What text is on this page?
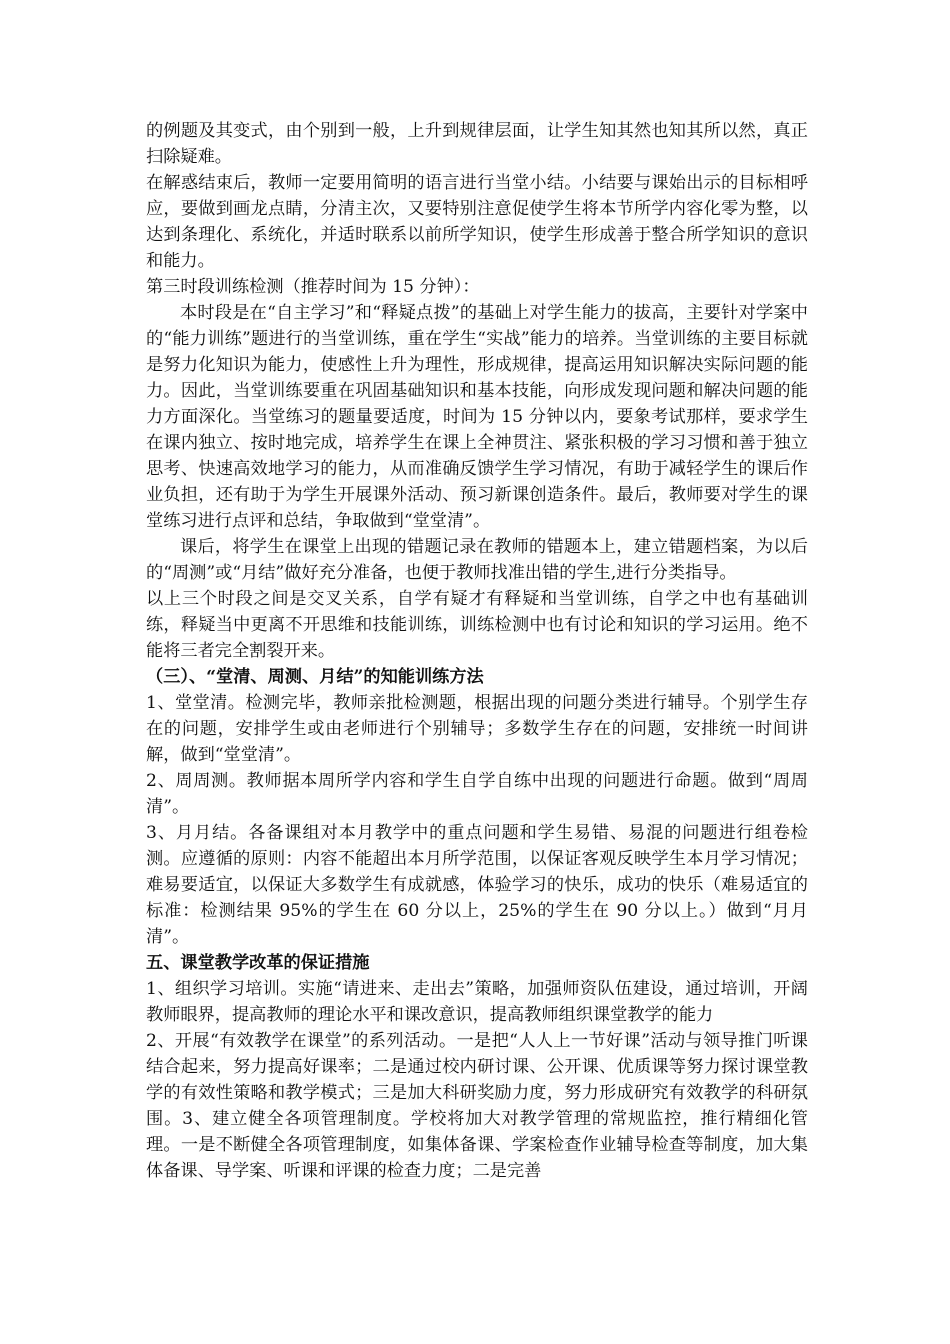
的例题及其变式，由个别到一般，上升到规律层面，让学生知其然也知其所以然，真正扫除疑难。

在解惑结束后，教师一定要用简明的语言进行当堂小结。小结要与课始出示的目标相呼应，要做到画龙点睛，分清主次，又要特别注意促使学生将本节所学内容化零为整，以达到条理化、系统化，并适时联系以前所学知识，使学生形成善于整合所学知识的意识和能力。

第三时段训练检测（推荐时间为 15 分钟）：

本时段是在“自主学习”和“释疑点拨”的基础上对学生能力的拔高，主要针对学案中的“能力训练”题进行的当堂训练，重在学生“实战”能力的培养。当堂训练的主要目标就是努力化知识为能力，使感性上升为理性，形成规律，提高运用知识解决实际问题的能力。因此，当堂训练要重在巩固基础知识和基本技能，向形成发现问题和解决问题的能力方面深化。当堂练习的题量要适度，时间为 15 分钟以内，要象考试那样，要求学生在课内独立、按时地完成，培养学生在课上全神贯注、紧张积极的学习习惯和善于独立思考、快速高效地学习的能力，从而准确反馈学生学习情况，有助于减轻学生的课后作业负担，还有助于为学生开展课外活动、预习新课创造条件。最后，教师要对学生的课堂练习进行点评和总结，争取做到“堂堂清”。

课后，将学生在课堂上出现的错题记录在教师的错题本上，建立错题档案，为以后的“周测”或“月结”做好充分准备，也便于教师找准出错的学生,进行分类指导。

以上三个时段之间是交叉关系，自学有疑才有释疑和当堂训练，自学之中也有基础训练，释疑当中更离不开思维和技能训练，训练检测中也有讨论和知识的学习运用。绝不能将三者完全割裂开来。

（三）、“堂清、周测、月结”的知能训练方法

1、堂堂清。检测完毕，教师亲批检测题，根据出现的问题分类进行辅导。个别学生存在的问题，安排学生或由老师进行个别辅导；多数学生存在的问题，安排统一时间讲解，做到“堂堂清”。

2、周周测。教师据本周所学内容和学生自学自练中出现的问题进行命题。做到“周周清”。

3、月月结。各备课组对本月教学中的重点问题和学生易错、易混的问题进行组卷检测。应遵循的原则：内容不能超出本月所学范围，以保证客观反映学生本月学习情况；难易要适宜，以保证大多数学生有成就感，体验学习的快乐，成功的快乐（难易适宜的标准：检测结果 95%的学生在 60 分以上，25%的学生在 90 分以上。）做到“月月清”。

五、课堂教学改革的保证措施

1、组织学习培训。实施“请进来、走出去”策略，加强师资队伍建设，通过培训，开阔教师眼界，提高教师的理论水平和课改意识，提高教师组织课堂教学的能力

2、开展“有效教学在课堂”的系列活动。一是把“人人上一节好课”活动与领导推门听课结合起来，努力提高好课率；二是通过校内研讨课、公开课、优质课等努力探讨课堂教学的有效性策略和教学模式；三是加大科研奖励力度，努力形成研究有效教学的科研氛围。3、建立健全各项管理制度。学校将加大对教学管理的常规监控，推行精细化管理。一是不断健全各项管理制度，如集体备课、学案检查作业辅导检查等制度，加大集体备课、导学案、听课和评课的检查力度；二是完善
